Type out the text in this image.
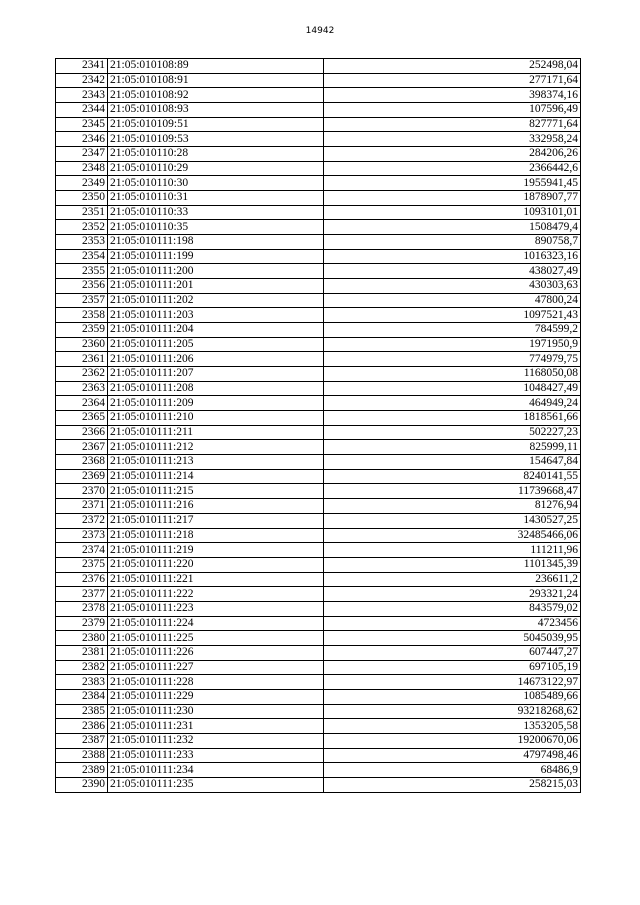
14942
2341	21:05:010108:89	252498,04
2342	21:05:010108:91	277171,64
2343	21:05:010108:92	398374,16
2344	21:05:010108:93	107596,49
2345	21:05:010109:51	827771,64
2346	21:05:010109:53	332958,24
2347	21:05:010110:28	284206,26
2348	21:05:010110:29	2366442,6
2349	21:05:010110:30	1955941,45
2350	21:05:010110:31	1878907,77
2351	21:05:010110:33	1093101,01
2352	21:05:010110:35	1508479,4
2353	21:05:010111:198	890758,7
2354	21:05:010111:199	1016323,16
2355	21:05:010111:200	438027,49
2356	21:05:010111:201	430303,63
2357	21:05:010111:202	47800,24
2358	21:05:010111:203	1097521,43
2359	21:05:010111:204	784599,2
2360	21:05:010111:205	1971950,9
2361	21:05:010111:206	774979,75
2362	21:05:010111:207	1168050,08
2363	21:05:010111:208	1048427,49
2364	21:05:010111:209	464949,24
2365	21:05:010111:210	1818561,66
2366	21:05:010111:211	502227,23
2367	21:05:010111:212	825999,11
2368	21:05:010111:213	154647,84
2369	21:05:010111:214	8240141,55
2370	21:05:010111:215	11739668,47
2371	21:05:010111:216	81276,94
2372	21:05:010111:217	1430527,25
2373	21:05:010111:218	32485466,06
2374	21:05:010111:219	111211,96
2375	21:05:010111:220	1101345,39
2376	21:05:010111:221	236611,2
2377	21:05:010111:222	293321,24
2378	21:05:010111:223	843579,02
2379	21:05:010111:224	4723456
2380	21:05:010111:225	5045039,95
2381	21:05:010111:226	607447,27
2382	21:05:010111:227	697105,19
2383	21:05:010111:228	14673122,97
2384	21:05:010111:229	1085489,66
2385	21:05:010111:230	93218268,62
2386	21:05:010111:231	1353205,58
2387	21:05:010111:232	19200670,06
2388	21:05:010111:233	4797498,46
2389	21:05:010111:234	68486,9
2390	21:05:010111:235	258215,03
